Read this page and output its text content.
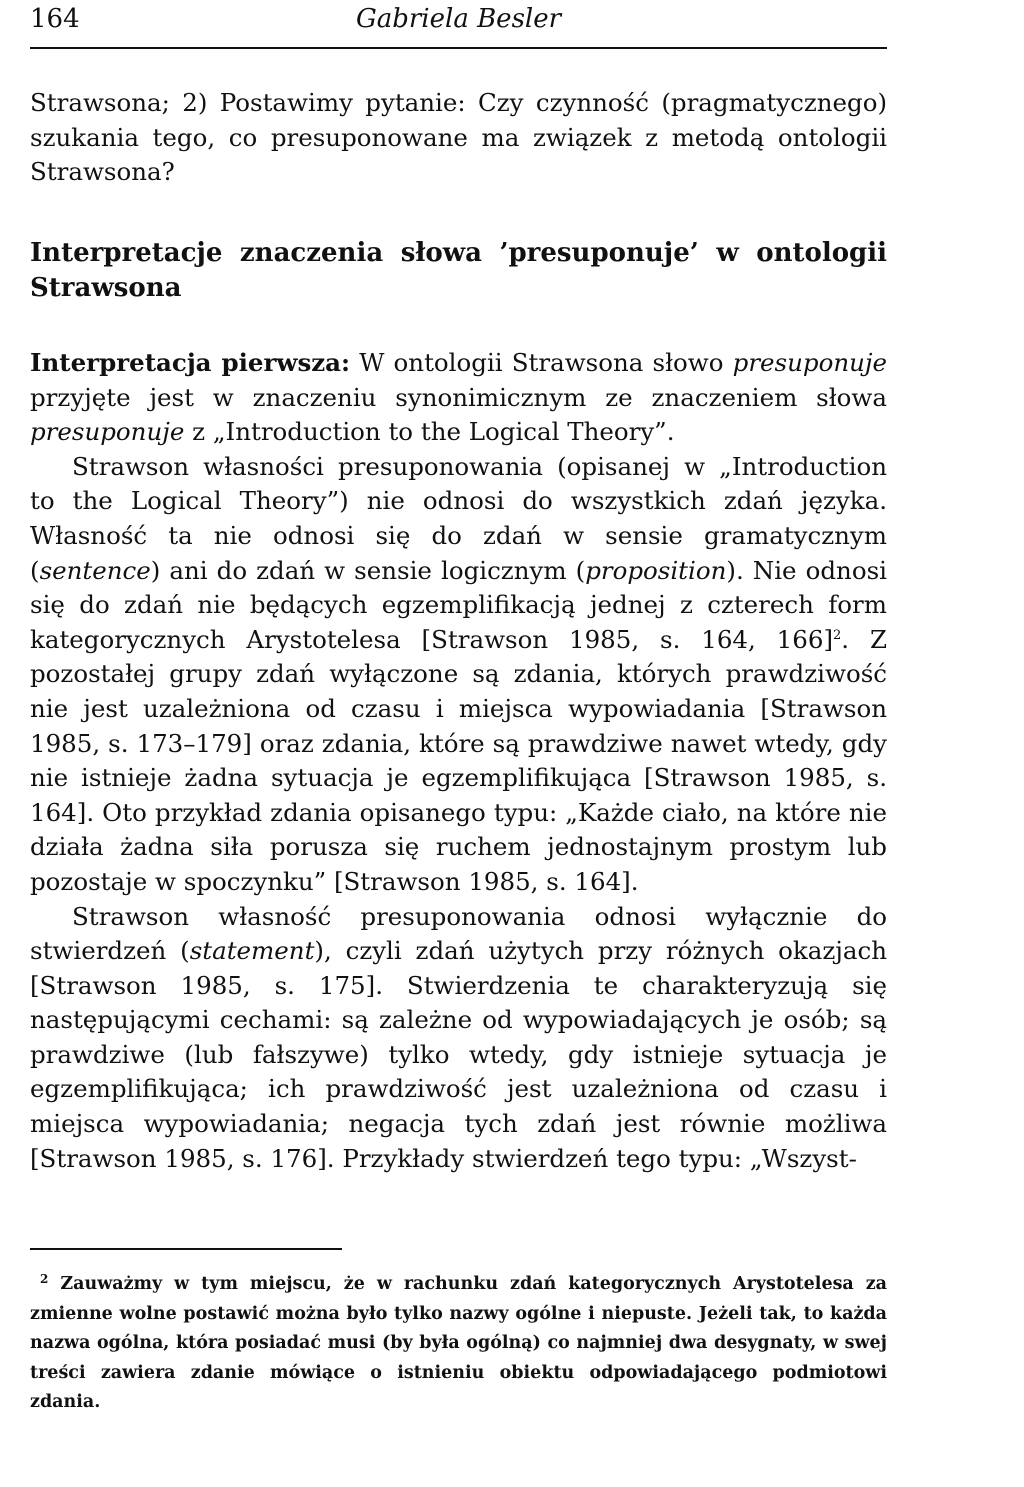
164	Gabriela Besler

Strawsona; 2) Postawimy pytanie: Czy czynność (pragmatycznego) szukania tego, co presuponowane ma związek z metodą ontologii Strawsona?

Interpretacje znaczenia słowa ’presuponuje’ w ontologii Strawsona

Interpretacja pierwsza: W ontologii Strawsona słowo presuponuje przyjęte jest w znaczeniu synonimicznym ze znaczeniem słowa presuponuje z „Introduction to the Logical Theory”.

Strawson własności presuponowania (opisanej w „Introduction to the Logical Theory”) nie odnosi do wszystkich zdań języka. Własność ta nie odnosi się do zdań w sensie gramatycznym (sentence) ani do zdań w sensie logicznym (proposition). Nie odnosi się do zdań nie będących egzemplifikacją jednej z czterech form kategorycznych Arystotelesa [Strawson 1985, s. 164, 166]$^2$. Z pozostałej grupy zdań wyłączone są zdania, których prawdziwość nie jest uzależniona od czasu i miejsca wypowiadania [Strawson 1985, s. 173–179] oraz zdania, które są prawdziwe nawet wtedy, gdy nie istnieje żadna sytuacja je egzemplifikująca [Strawson 1985, s. 164]. Oto przykład zdania opisanego typu: „Każde ciało, na które nie działa żadna siła porusza się ruchem jednostajnym prostym lub pozostaje w spoczynku” [Strawson 1985, s. 164].

Strawson własność presuponowania odnosi wyłącznie do stwierdzeń (statement), czyli zdań użytych przy różnych okazjach [Strawson 1985, s. 175]. Stwierdzenia te charakteryzują się następującymi cechami: są zależne od wypowiadających je osób; są prawdziwe (lub fałszywe) tylko wtedy, gdy istnieje sytuacja je egzemplifikująca; ich prawdziwość jest uzależniona od czasu i miejsca wypowiadania; negacja tych zdań jest równie możliwa [Strawson 1985, s. 176]. Przykłady stwierdzeń tego typu: „Wszyst-

$^2$ Zauważmy w tym miejscu, że w rachunku zdań kategorycznych Arystotelesa za zmienne wolne postawić można było tylko nazwy ogólne i niepuste. Jeżeli tak, to każda nazwa ogólna, która posiadać musi (by była ogólną) co najmniej dwa desygnaty, w swej treści zawiera zdanie mówiące o istnieniu obiektu odpowiadającego podmiotowi zdania.
